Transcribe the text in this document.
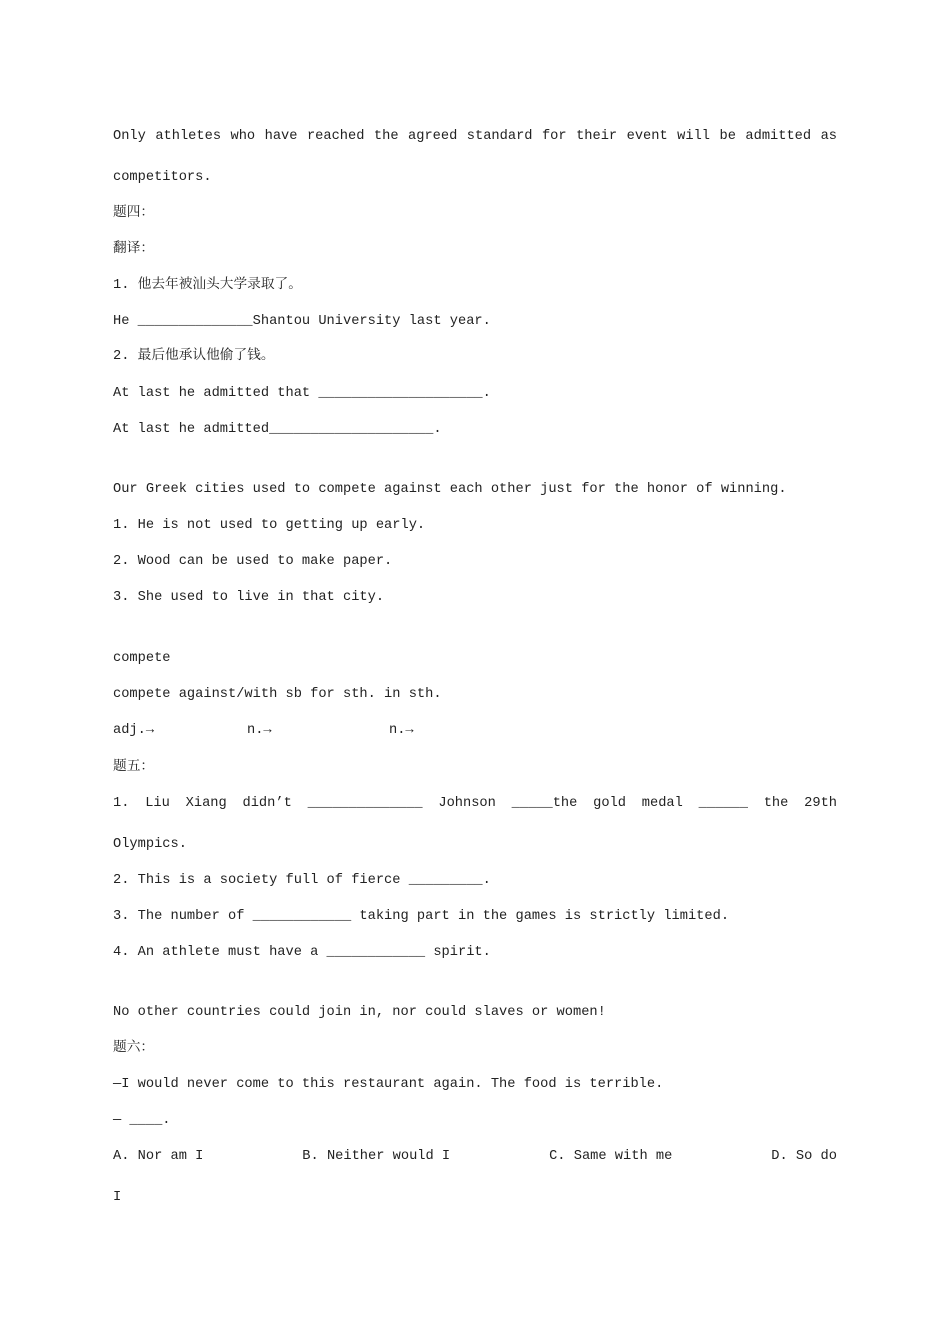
Only athletes who have reached the agreed standard for their event will be admitted as
competitors.
题四：
翻译：
1. 他去年被汕头大学录取了。
He ______________Shantou University last year.
2. 最后他承认他偷了钱。
At last he admitted that ____________________.
At last he admitted____________________.
Our Greek cities used to compete against each other just for the honor of winning.
1. He is not used to getting up early.
2. Wood can be used to make paper.
3. She used to live in that city.
compete
compete against/with sb for sth. in sth.
adj.→	n.→	n.→
题五：
1. Liu Xiang didn’t ______________ Johnson _____the gold medal ______ the 29th
Olympics.
2. This is a society full of fierce _________.
3. The number of ____________ taking part in the games is strictly limited.
4. An athlete must have a ____________ spirit.
No other countries could join in, nor could slaves or women!
题六：
—I would never come to this restaurant again. The food is terrible.
— ____.
A. Nor am I	B. Neither would I	C. Same with me	D. So do
I
